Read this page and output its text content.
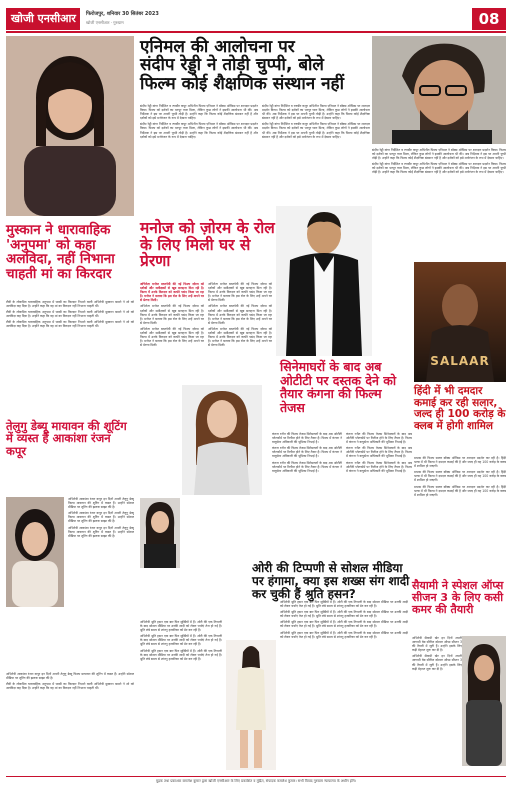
खोजी एनसीआर	फिरोजपुर, शनिवार 30 सितंबर 2023
खोजी एनसीआर · गुरुग्राम	08
मुस्कान ने धारावाहिक 'अनुपमा' को कहा अलविदा, नहीं निभाना चाहती मां का किरदार

टीवी के लोकप्रिय धारावाहिक अनुपमा में पाखी का किरदार निभाने वाली अभिनेत्री मुस्कान बामने ने शो को अलविदा कह दिया है। उन्होंने कहा कि वह मां का किरदार नहीं निभाना चाहती थीं।

टीवी के लोकप्रिय धारावाहिक अनुपमा में पाखी का किरदार निभाने वाली अभिनेत्री मुस्कान बामने ने शो को अलविदा कह दिया है। उन्होंने कहा कि वह मां का किरदार नहीं निभाना चाहती थीं।

टीवी के लोकप्रिय धारावाहिक अनुपमा में पाखी का किरदार निभाने वाली अभिनेत्री मुस्कान बामने ने शो को अलविदा कह दिया है। उन्होंने कहा कि वह मां का किरदार नहीं निभाना चाहती थीं।

तेलुगु डेब्यू मायावन की शूटिंग में व्यस्त हैं आकांशा रंजन कपूर

अभिनेत्री आकांशा रंजन कपूर इन दिनों अपनी तेलुगु डेब्यू फिल्म मायावन की शूटिंग में व्यस्त हैं। उन्होंने सोशल मीडिया पर शूटिंग की झलक साझा की है।

अभिनेत्री आकांशा रंजन कपूर इन दिनों अपनी तेलुगु डेब्यू फिल्म मायावन की शूटिंग में व्यस्त हैं। उन्होंने सोशल मीडिया पर शूटिंग की झलक साझा की है।

अभिनेत्री आकांशा रंजन कपूर इन दिनों अपनी तेलुगु डेब्यू फिल्म मायावन की शूटिंग में व्यस्त हैं। उन्होंने सोशल मीडिया पर शूटिंग की झलक साझा की है।

अभिनेत्री आकांशा रंजन कपूर इन दिनों अपनी तेलुगु डेब्यू फिल्म मायावन की शूटिंग में व्यस्त हैं। उन्होंने सोशल मीडिया पर शूटिंग की झलक साझा की है।

टीवी के लोकप्रिय धारावाहिक अनुपमा में पाखी का किरदार निभाने वाली अभिनेत्री मुस्कान बामने ने शो को अलविदा कह दिया है। उन्होंने कहा कि वह मां का किरदार नहीं निभाना चाहती थीं।

एनिमल की आलोचना पर
संदीप रेड्डी ने तोड़ी चुप्पी, बोले
फिल्म कोई शैक्षणिक संस्थान नहीं

संदीप रेड्डी वांगा निर्देशित व रणबीर कपूर अभिनीत फिल्म एनिमल ने बॉक्स ऑफिस पर शानदार प्रदर्शन किया। फिल्म को दर्शकों का भरपूर प्यार मिला, लेकिन कुछ लोगों ने इसकी आलोचना भी की। अब निर्देशक ने इस पर अपनी चुप्पी तोड़ी है। उन्होंने कहा कि फिल्म कोई शैक्षणिक संस्थान नहीं है और दर्शकों को इसे मनोरंजन के रूप में देखना चाहिए।

संदीप रेड्डी वांगा निर्देशित व रणबीर कपूर अभिनीत फिल्म एनिमल ने बॉक्स ऑफिस पर शानदार प्रदर्शन किया। फिल्म को दर्शकों का भरपूर प्यार मिला, लेकिन कुछ लोगों ने इसकी आलोचना भी की। अब निर्देशक ने इस पर अपनी चुप्पी तोड़ी है। उन्होंने कहा कि फिल्म कोई शैक्षणिक संस्थान नहीं है और दर्शकों को इसे मनोरंजन के रूप में देखना चाहिए।

संदीप रेड्डी वांगा निर्देशित व रणबीर कपूर अभिनीत फिल्म एनिमल ने बॉक्स ऑफिस पर शानदार प्रदर्शन किया। फिल्म को दर्शकों का भरपूर प्यार मिला, लेकिन कुछ लोगों ने इसकी आलोचना भी की। अब निर्देशक ने इस पर अपनी चुप्पी तोड़ी है। उन्होंने कहा कि फिल्म कोई शैक्षणिक संस्थान नहीं है और दर्शकों को इसे मनोरंजन के रूप में देखना चाहिए।

संदीप रेड्डी वांगा निर्देशित व रणबीर कपूर अभिनीत फिल्म एनिमल ने बॉक्स ऑफिस पर शानदार प्रदर्शन किया। फिल्म को दर्शकों का भरपूर प्यार मिला, लेकिन कुछ लोगों ने इसकी आलोचना भी की। अब निर्देशक ने इस पर अपनी चुप्पी तोड़ी है। उन्होंने कहा कि फिल्म कोई शैक्षणिक संस्थान नहीं है और दर्शकों को इसे मनोरंजन के रूप में देखना चाहिए।

संदीप रेड्डी वांगा निर्देशित व रणबीर कपूर अभिनीत फिल्म एनिमल ने बॉक्स ऑफिस पर शानदार प्रदर्शन किया। फिल्म को दर्शकों का भरपूर प्यार मिला, लेकिन कुछ लोगों ने इसकी आलोचना भी की। अब निर्देशक ने इस पर अपनी चुप्पी तोड़ी है। उन्होंने कहा कि फिल्म कोई शैक्षणिक संस्थान नहीं है और दर्शकों को इसे मनोरंजन के रूप में देखना चाहिए।

संदीप रेड्डी वांगा निर्देशित व रणबीर कपूर अभिनीत फिल्म एनिमल ने बॉक्स ऑफिस पर शानदार प्रदर्शन किया। फिल्म को दर्शकों का भरपूर प्यार मिला, लेकिन कुछ लोगों ने इसकी आलोचना भी की। अब निर्देशक ने इस पर अपनी चुप्पी तोड़ी है। उन्होंने कहा कि फिल्म कोई शैक्षणिक संस्थान नहीं है और दर्शकों को इसे मनोरंजन के रूप में देखना चाहिए।

मनोज को ज़ोरम के रोल के लिए मिली घर से प्रेरणा

अभिनेता मनोज बाजपेयी की नई फिल्म ज़ोरम को दर्शकों और समीक्षकों से खूब सराहना मिल रही है। फिल्म में उनके किरदार को काफी पसंद किया जा रहा है। मनोज ने बताया कि इस रोल के लिए उन्हें अपने घर से प्रेरणा मिली।

अभिनेता मनोज बाजपेयी की नई फिल्म ज़ोरम को दर्शकों और समीक्षकों से खूब सराहना मिल रही है। फिल्म में उनके किरदार को काफी पसंद किया जा रहा है। मनोज ने बताया कि इस रोल के लिए उन्हें अपने घर से प्रेरणा मिली।

अभिनेता मनोज बाजपेयी की नई फिल्म ज़ोरम को दर्शकों और समीक्षकों से खूब सराहना मिल रही है। फिल्म में उनके किरदार को काफी पसंद किया जा रहा है। मनोज ने बताया कि इस रोल के लिए उन्हें अपने घर से प्रेरणा मिली।

अभिनेता मनोज बाजपेयी की नई फिल्म ज़ोरम को दर्शकों और समीक्षकों से खूब सराहना मिल रही है। फिल्म में उनके किरदार को काफी पसंद किया जा रहा है। मनोज ने बताया कि इस रोल के लिए उन्हें अपने घर से प्रेरणा मिली।

अभिनेता मनोज बाजपेयी की नई फिल्म ज़ोरम को दर्शकों और समीक्षकों से खूब सराहना मिल रही है। फिल्म में उनके किरदार को काफी पसंद किया जा रहा है। मनोज ने बताया कि इस रोल के लिए उन्हें अपने घर से प्रेरणा मिली।

अभिनेता मनोज बाजपेयी की नई फिल्म ज़ोरम को दर्शकों और समीक्षकों से खूब सराहना मिल रही है। फिल्म में उनके किरदार को काफी पसंद किया जा रहा है। मनोज ने बताया कि इस रोल के लिए उन्हें अपने घर से प्रेरणा मिली।

सिनेमाघरों के बाद अब ओटीटी पर दस्तक देने को तैयार कंगना की फिल्म तेजस

कंगना रनौत की फिल्म तेजस सिनेमाघरों के बाद अब ओटीटी प्लेटफॉर्म पर रिलीज होने के लिए तैयार है। फिल्म में कंगना ने वायुसेना अधिकारी की भूमिका निभाई है।

कंगना रनौत की फिल्म तेजस सिनेमाघरों के बाद अब ओटीटी प्लेटफॉर्म पर रिलीज होने के लिए तैयार है। फिल्म में कंगना ने वायुसेना अधिकारी की भूमिका निभाई है।

कंगना रनौत की फिल्म तेजस सिनेमाघरों के बाद अब ओटीटी प्लेटफॉर्म पर रिलीज होने के लिए तैयार है। फिल्म में कंगना ने वायुसेना अधिकारी की भूमिका निभाई है।

कंगना रनौत की फिल्म तेजस सिनेमाघरों के बाद अब ओटीटी प्लेटफॉर्म पर रिलीज होने के लिए तैयार है। फिल्म में कंगना ने वायुसेना अधिकारी की भूमिका निभाई है।

कंगना रनौत की फिल्म तेजस सिनेमाघरों के बाद अब ओटीटी प्लेटफॉर्म पर रिलीज होने के लिए तैयार है। फिल्म में कंगना ने वायुसेना अधिकारी की भूमिका निभाई है।

कंगना रनौत की फिल्म तेजस सिनेमाघरों के बाद अब ओटीटी प्लेटफॉर्म पर रिलीज होने के लिए तैयार है। फिल्म में कंगना ने वायुसेना अधिकारी की भूमिका निभाई है।

SALAAR
हिंदी में भी दमदार कमाई कर रही सलार, जल्द ही 100 करोड़ के क्लब में होगी शामिल

प्रभास की फिल्म सलार बॉक्स ऑफिस पर शानदार प्रदर्शन कर रही है। हिंदी भाषा में भी फिल्म ने दमदार कमाई की है और जल्द ही यह 100 करोड़ के क्लब में शामिल हो जाएगी।

प्रभास की फिल्म सलार बॉक्स ऑफिस पर शानदार प्रदर्शन कर रही है। हिंदी भाषा में भी फिल्म ने दमदार कमाई की है और जल्द ही यह 100 करोड़ के क्लब में शामिल हो जाएगी।

प्रभास की फिल्म सलार बॉक्स ऑफिस पर शानदार प्रदर्शन कर रही है। हिंदी भाषा में भी फिल्म ने दमदार कमाई की है और जल्द ही यह 100 करोड़ के क्लब में शामिल हो जाएगी।

ओरी की टिप्पणी से सोशल मीडिया पर हंगामा, क्या इस शख्स संग शादी कर चुकी हैं श्रुति हसन?

अभिनेत्री श्रुति हसन एक बार फिर सुर्खियों में हैं। ओरी की एक टिप्पणी के बाद सोशल मीडिया पर उनकी शादी को लेकर चर्चाएं तेज हो गई हैं। श्रुति लंबे समय से शांतनु हजारिका को डेट कर रही हैं।

अभिनेत्री श्रुति हसन एक बार फिर सुर्खियों में हैं। ओरी की एक टिप्पणी के बाद सोशल मीडिया पर उनकी शादी को लेकर चर्चाएं तेज हो गई हैं। श्रुति लंबे समय से शांतनु हजारिका को डेट कर रही हैं।

अभिनेत्री श्रुति हसन एक बार फिर सुर्खियों में हैं। ओरी की एक टिप्पणी के बाद सोशल मीडिया पर उनकी शादी को लेकर चर्चाएं तेज हो गई हैं। श्रुति लंबे समय से शांतनु हजारिका को डेट कर रही हैं।

अभिनेत्री श्रुति हसन एक बार फिर सुर्खियों में हैं। ओरी की एक टिप्पणी के बाद सोशल मीडिया पर उनकी शादी को लेकर चर्चाएं तेज हो गई हैं। श्रुति लंबे समय से शांतनु हजारिका को डेट कर रही हैं।

अभिनेत्री श्रुति हसन एक बार फिर सुर्खियों में हैं। ओरी की एक टिप्पणी के बाद सोशल मीडिया पर उनकी शादी को लेकर चर्चाएं तेज हो गई हैं। श्रुति लंबे समय से शांतनु हजारिका को डेट कर रही हैं।

अभिनेत्री श्रुति हसन एक बार फिर सुर्खियों में हैं। ओरी की एक टिप्पणी के बाद सोशल मीडिया पर उनकी शादी को लेकर चर्चाएं तेज हो गई हैं। श्रुति लंबे समय से शांतनु हजारिका को डेट कर रही हैं।

अभिनेत्री श्रुति हसन एक बार फिर सुर्खियों में हैं। ओरी की एक टिप्पणी के बाद सोशल मीडिया पर उनकी शादी को लेकर चर्चाएं तेज हो गई हैं। श्रुति लंबे समय से शांतनु हजारिका को डेट कर रही हैं।

सैयामी ने स्पेशल ऑप्स सीजन 3 के लिए कसी कमर की तैयारी

अभिनेत्री सैयामी खेर इन दिनों अपनी आगामी वेब सीरीज स्पेशल ऑप्स सीजन 3 की तैयारी में जुटी हैं। उन्होंने इसके लिए कड़ी मेहनत शुरू कर दी है।

अभिनेत्री सैयामी खेर इन दिनों अपनी आगामी वेब सीरीज स्पेशल ऑप्स सीजन 3 की तैयारी में जुटी हैं। उन्होंने इसके लिए कड़ी मेहनत शुरू कर दी है।

मुद्रक तथा प्रकाशक कमलेश कुमार द्वारा खोजी एनसीआर के लिए प्रकाशित व मुद्रित, संपादक कमलेश कुमार। सभी विवाद गुरुग्राम न्यायालय के अधीन होंगे।
